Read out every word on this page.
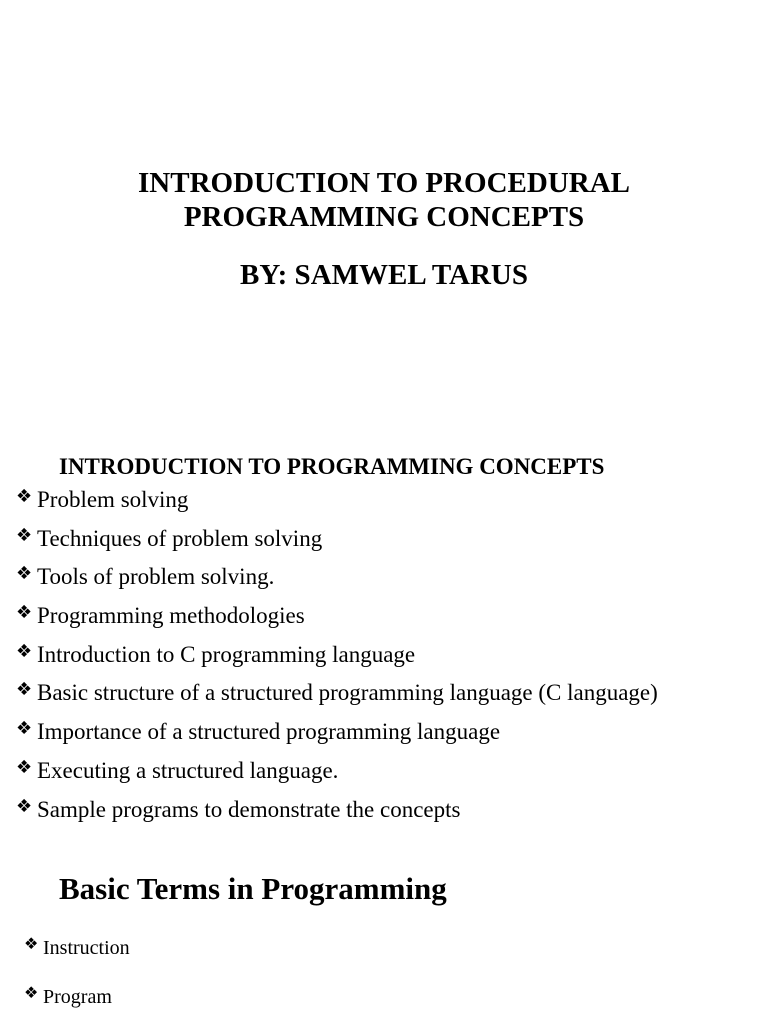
INTRODUCTION TO PROCEDURAL
PROGRAMMING CONCEPTS
BY: SAMWEL TARUS
INTRODUCTION TO PROGRAMMING CONCEPTS
❖ Problem solving
❖ Techniques of problem solving
❖ Tools of problem solving.
❖ Programming methodologies
❖ Introduction to C programming language
❖ Basic structure of a structured programming language (C language)
❖ Importance of a structured programming language
❖ Executing a structured language.
❖ Sample programs to demonstrate the concepts
Basic Terms in Programming
❖ Instruction
❖ Program
